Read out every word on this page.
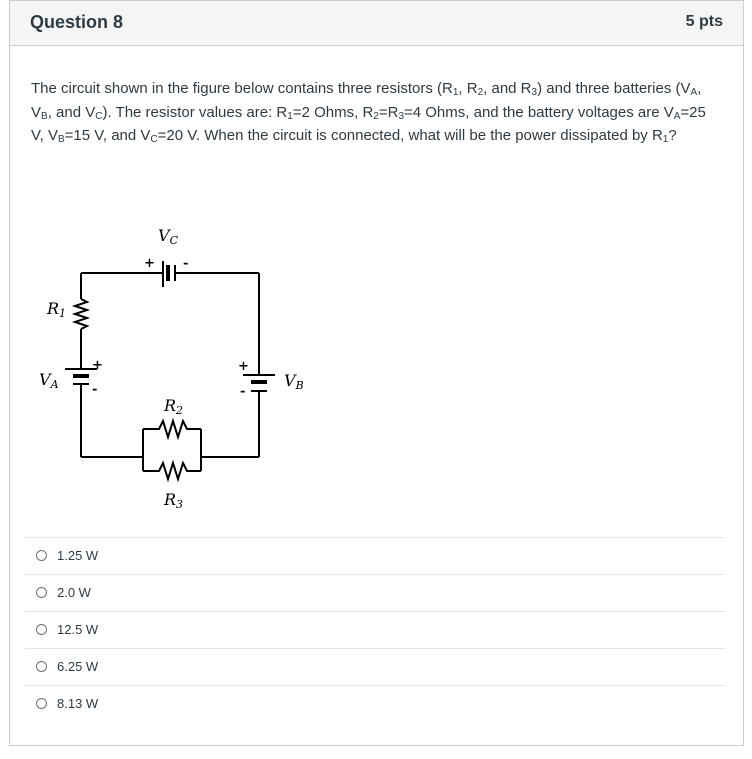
Question 8	5 pts
The circuit shown in the figure below contains three resistors ($R_1$, $R_2$, and $R_3$) and three batteries ($V_A$, $V_B$, and $V_C$). The resistor values are: $R_1=2$ Ohms, $R_2=R_3=4$ Ohms, and the battery voltages are $V_A=25$ V, $V_B=15$ V, and $V_C=20$ V. When the circuit is connected, what will be the power dissipated by $R_1$?
VC
+ -
R1
VA
+
-	VB
+
-
R2
R3
1.25 W
2.0 W
12.5 W
6.25 W
8.13 W
